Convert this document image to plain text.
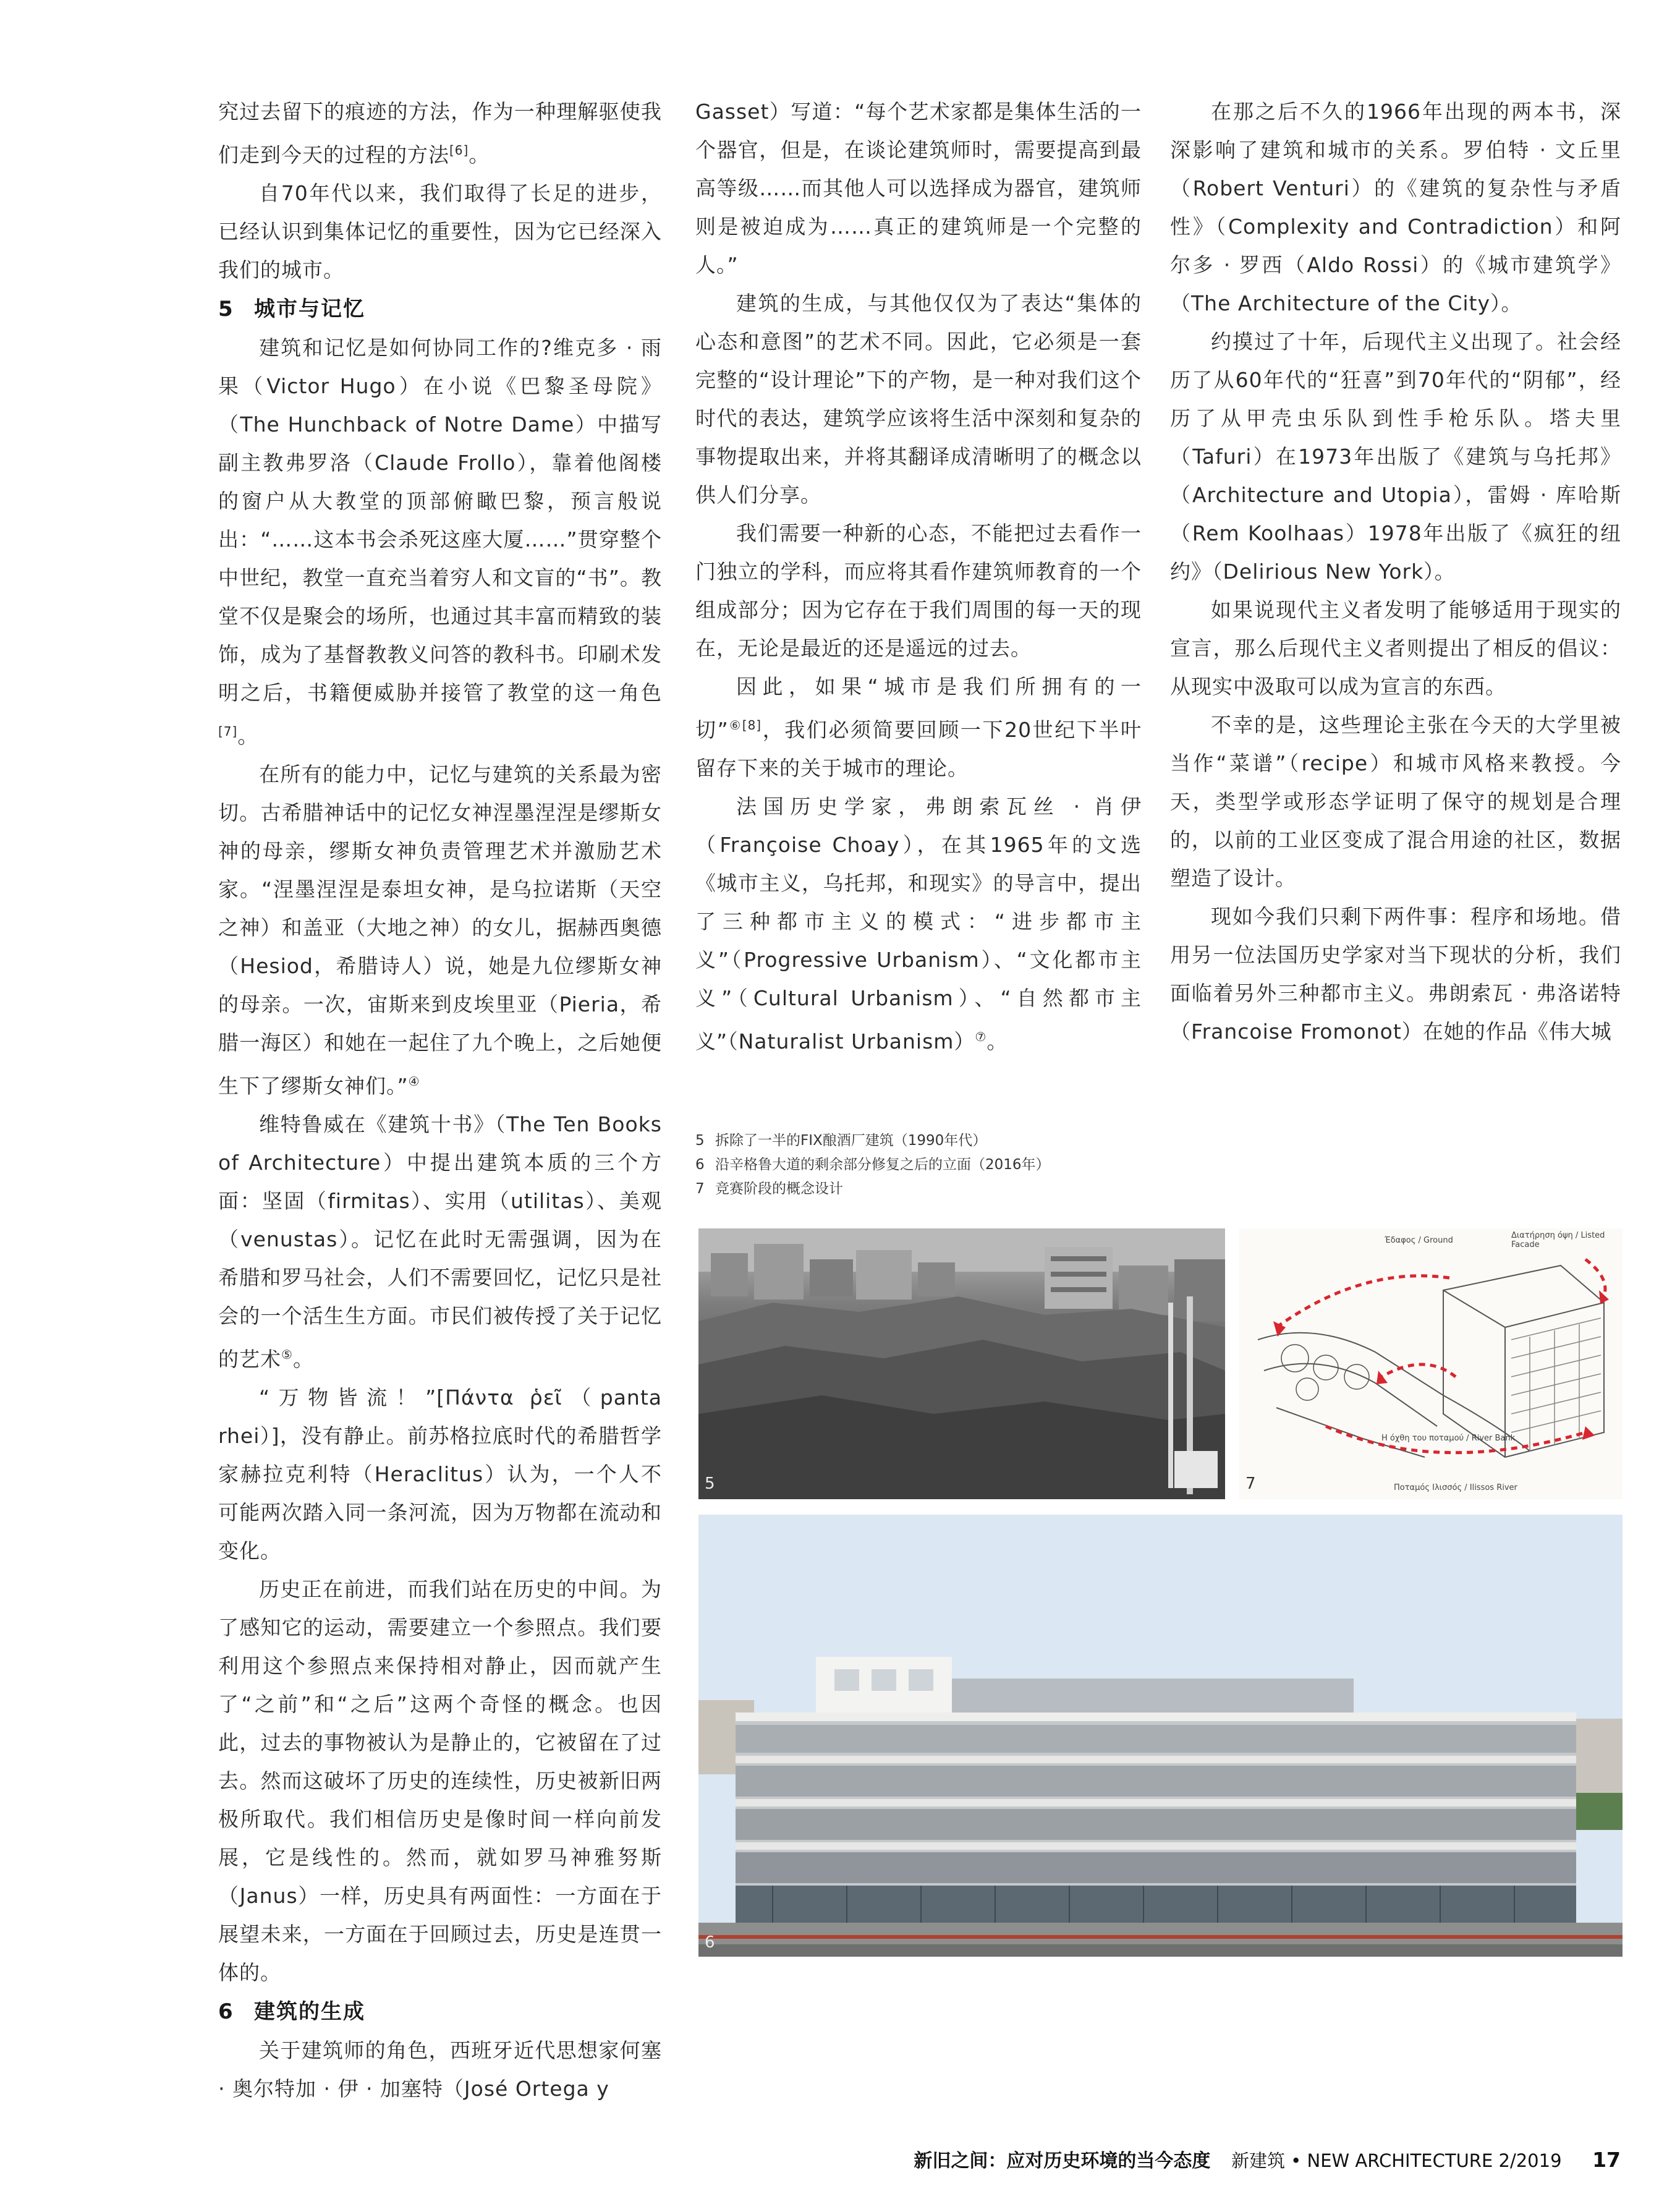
究过去留下的痕迹的方法，作为一种理解驱使我们走到今天的过程的方法[6]。

自70年代以来，我们取得了长足的进步，已经认识到集体记忆的重要性，因为它已经深入我们的城市。

5 城市与记忆

建筑和记忆是如何协同工作的?维克多 · 雨果（Victor Hugo）在小说《巴黎圣母院》（The Hunchback of Notre Dame）中描写副主教弗罗洛（Claude Frollo），靠着他阁楼的窗户从大教堂的顶部俯瞰巴黎，预言般说出：“……这本书会杀死这座大厦……”贯穿整个中世纪，教堂一直充当着穷人和文盲的“书”。教堂不仅是聚会的场所，也通过其丰富而精致的装饰，成为了基督教教义问答的教科书。印刷术发明之后，书籍便威胁并接管了教堂的这一角色[7]。

在所有的能力中，记忆与建筑的关系最为密切。古希腊神话中的记忆女神涅墨涅涅是缪斯女神的母亲，缪斯女神负责管理艺术并激励艺术家。“涅墨涅涅是泰坦女神，是乌拉诺斯（天空之神）和盖亚（大地之神）的女儿，据赫西奥德（Hesiod，希腊诗人）说，她是九位缪斯女神的母亲。一次，宙斯来到皮埃里亚（Pieria，希腊一海区）和她在一起住了九个晚上，之后她便生下了缪斯女神们。”④

维特鲁威在《建筑十书》（The Ten Books of Architecture）中提出建筑本质的三个方面：坚固（firmitas）、实用（utilitas）、美观（venustas）。记忆在此时无需强调，因为在希腊和罗马社会，人们不需要回忆，记忆只是社会的一个活生生方面。市民们被传授了关于记忆的艺术⑤。

“万物皆流！”[Πάντα ῥεῖ（panta rhei）]，没有静止。前苏格拉底时代的希腊哲学家赫拉克利特（Heraclitus）认为，一个人不可能两次踏入同一条河流，因为万物都在流动和变化。

历史正在前进，而我们站在历史的中间。为了感知它的运动，需要建立一个参照点。我们要利用这个参照点来保持相对静止，因而就产生了“之前”和“之后”这两个奇怪的概念。也因此，过去的事物被认为是静止的，它被留在了过去。然而这破坏了历史的连续性，历史被新旧两极所取代。我们相信历史是像时间一样向前发展，它是线性的。然而，就如罗马神雅努斯（Janus）一样，历史具有两面性：一方面在于展望未来，一方面在于回顾过去，历史是连贯一体的。

6 建筑的生成

关于建筑师的角色，西班牙近代思想家何塞 · 奥尔特加 · 伊 · 加塞特（José Ortega y

Gasset）写道：“每个艺术家都是集体生活的一个器官，但是，在谈论建筑师时，需要提高到最高等级……而其他人可以选择成为器官，建筑师则是被迫成为……真正的建筑师是一个完整的人。”

建筑的生成，与其他仅仅为了表达“集体的心态和意图”的艺术不同。因此，它必须是一套完整的“设计理论”下的产物，是一种对我们这个时代的表达，建筑学应该将生活中深刻和复杂的事物提取出来，并将其翻译成清晰明了的概念以供人们分享。

我们需要一种新的心态，不能把过去看作一门独立的学科，而应将其看作建筑师教育的一个组成部分；因为它存在于我们周围的每一天的现在，无论是最近的还是遥远的过去。

因此，如果“城市是我们所拥有的一切”$^{⑥[8]}$，我们必须简要回顾一下20世纪下半叶留存下来的关于城市的理论。

法国历史学家，弗朗索瓦丝 · 肖伊（Françoise Choay），在其1965年的文选《城市主义，乌托邦，和现实》的导言中，提出了三种都市主义的模式：“进步都市主义”（Progressive Urbanism）、“文化都市主义”（Cultural Urbanism）、“自然都市主义”（Naturalist Urbanism）⑦。

在那之后不久的1966年出现的两本书，深深影响了建筑和城市的关系。罗伯特 · 文丘里（Robert Venturi）的《建筑的复杂性与矛盾性》（Complexity and Contradiction）和阿尔多 · 罗西（Aldo Rossi）的《城市建筑学》（The Architecture of the City）。

约摸过了十年，后现代主义出现了。社会经历了从60年代的“狂喜”到70年代的“阴郁”，经历了从甲壳虫乐队到性手枪乐队。塔夫里（Tafuri）在1973年出版了《建筑与乌托邦》（Architecture and Utopia），雷姆 · 库哈斯（Rem Koolhaas）1978年出版了《疯狂的纽约》（Delirious New York）。

如果说现代主义者发明了能够适用于现实的宣言，那么后现代主义者则提出了相反的倡议：从现实中汲取可以成为宣言的东西。

不幸的是，这些理论主张在今天的大学里被当作“菜谱”（recipe）和城市风格来教授。今天，类型学或形态学证明了保守的规划是合理的，以前的工业区变成了混合用途的社区，数据塑造了设计。

现如今我们只剩下两件事：程序和场地。借用另一位法国历史学家对当下现状的分析，我们面临着另外三种都市主义。弗朗索瓦 · 弗洛诺特（Francoise Fromonot）在她的作品《伟大城

5 拆除了一半的FIX酿酒厂建筑（1990年代）
6 沿辛格鲁大道的剩余部分修复之后的立面（2016年）
7 竞赛阶段的概念设计
5
Έδαφος / Ground
Διατήρηση όψη / Listed Facade
Η όχθη του ποταμού / River Bank
Ποταμός Ιλισσός / Ilissos River
7
6
新旧之间：应对历史环境的当今态度 新建筑 • NEW ARCHITECTURE 2/2019 17
